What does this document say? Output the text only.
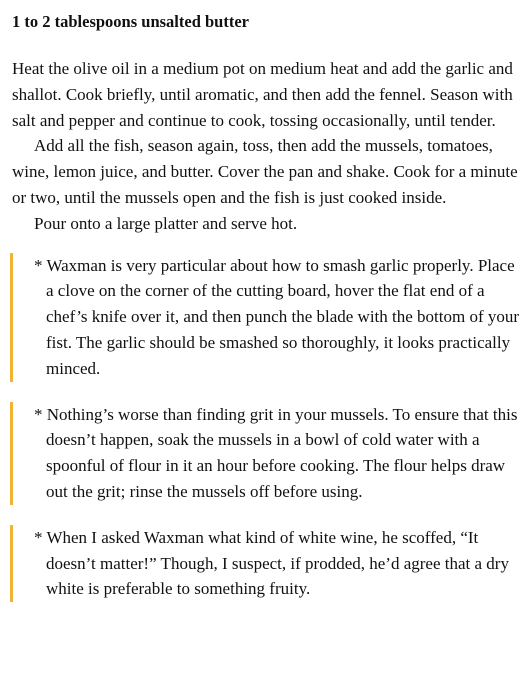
1 to 2 tablespoons unsalted butter

Heat the olive oil in a medium pot on medium heat and add the garlic and shallot. Cook briefly, until aromatic, and then add the fennel. Season with salt and pepper and continue to cook, tossing occasionally, until tender.

Add all the fish, season again, toss, then add the mussels, tomatoes, wine, lemon juice, and butter. Cover the pan and shake. Cook for a minute or two, until the mussels open and the fish is just cooked inside.

Pour onto a large platter and serve hot.

* Waxman is very particular about how to smash garlic properly. Place a clove on the corner of the cutting board, hover the flat end of a chef’s knife over it, and then punch the blade with the bottom of your fist. The garlic should be smashed so thoroughly, it looks practically minced.

* Nothing’s worse than finding grit in your mussels. To ensure that this doesn’t happen, soak the mussels in a bowl of cold water with a spoonful of flour in it an hour before cooking. The flour helps draw out the grit; rinse the mussels off before using.

* When I asked Waxman what kind of white wine, he scoffed, “It doesn’t matter!” Though, I suspect, if prodded, he’d agree that a dry white is preferable to something fruity.
